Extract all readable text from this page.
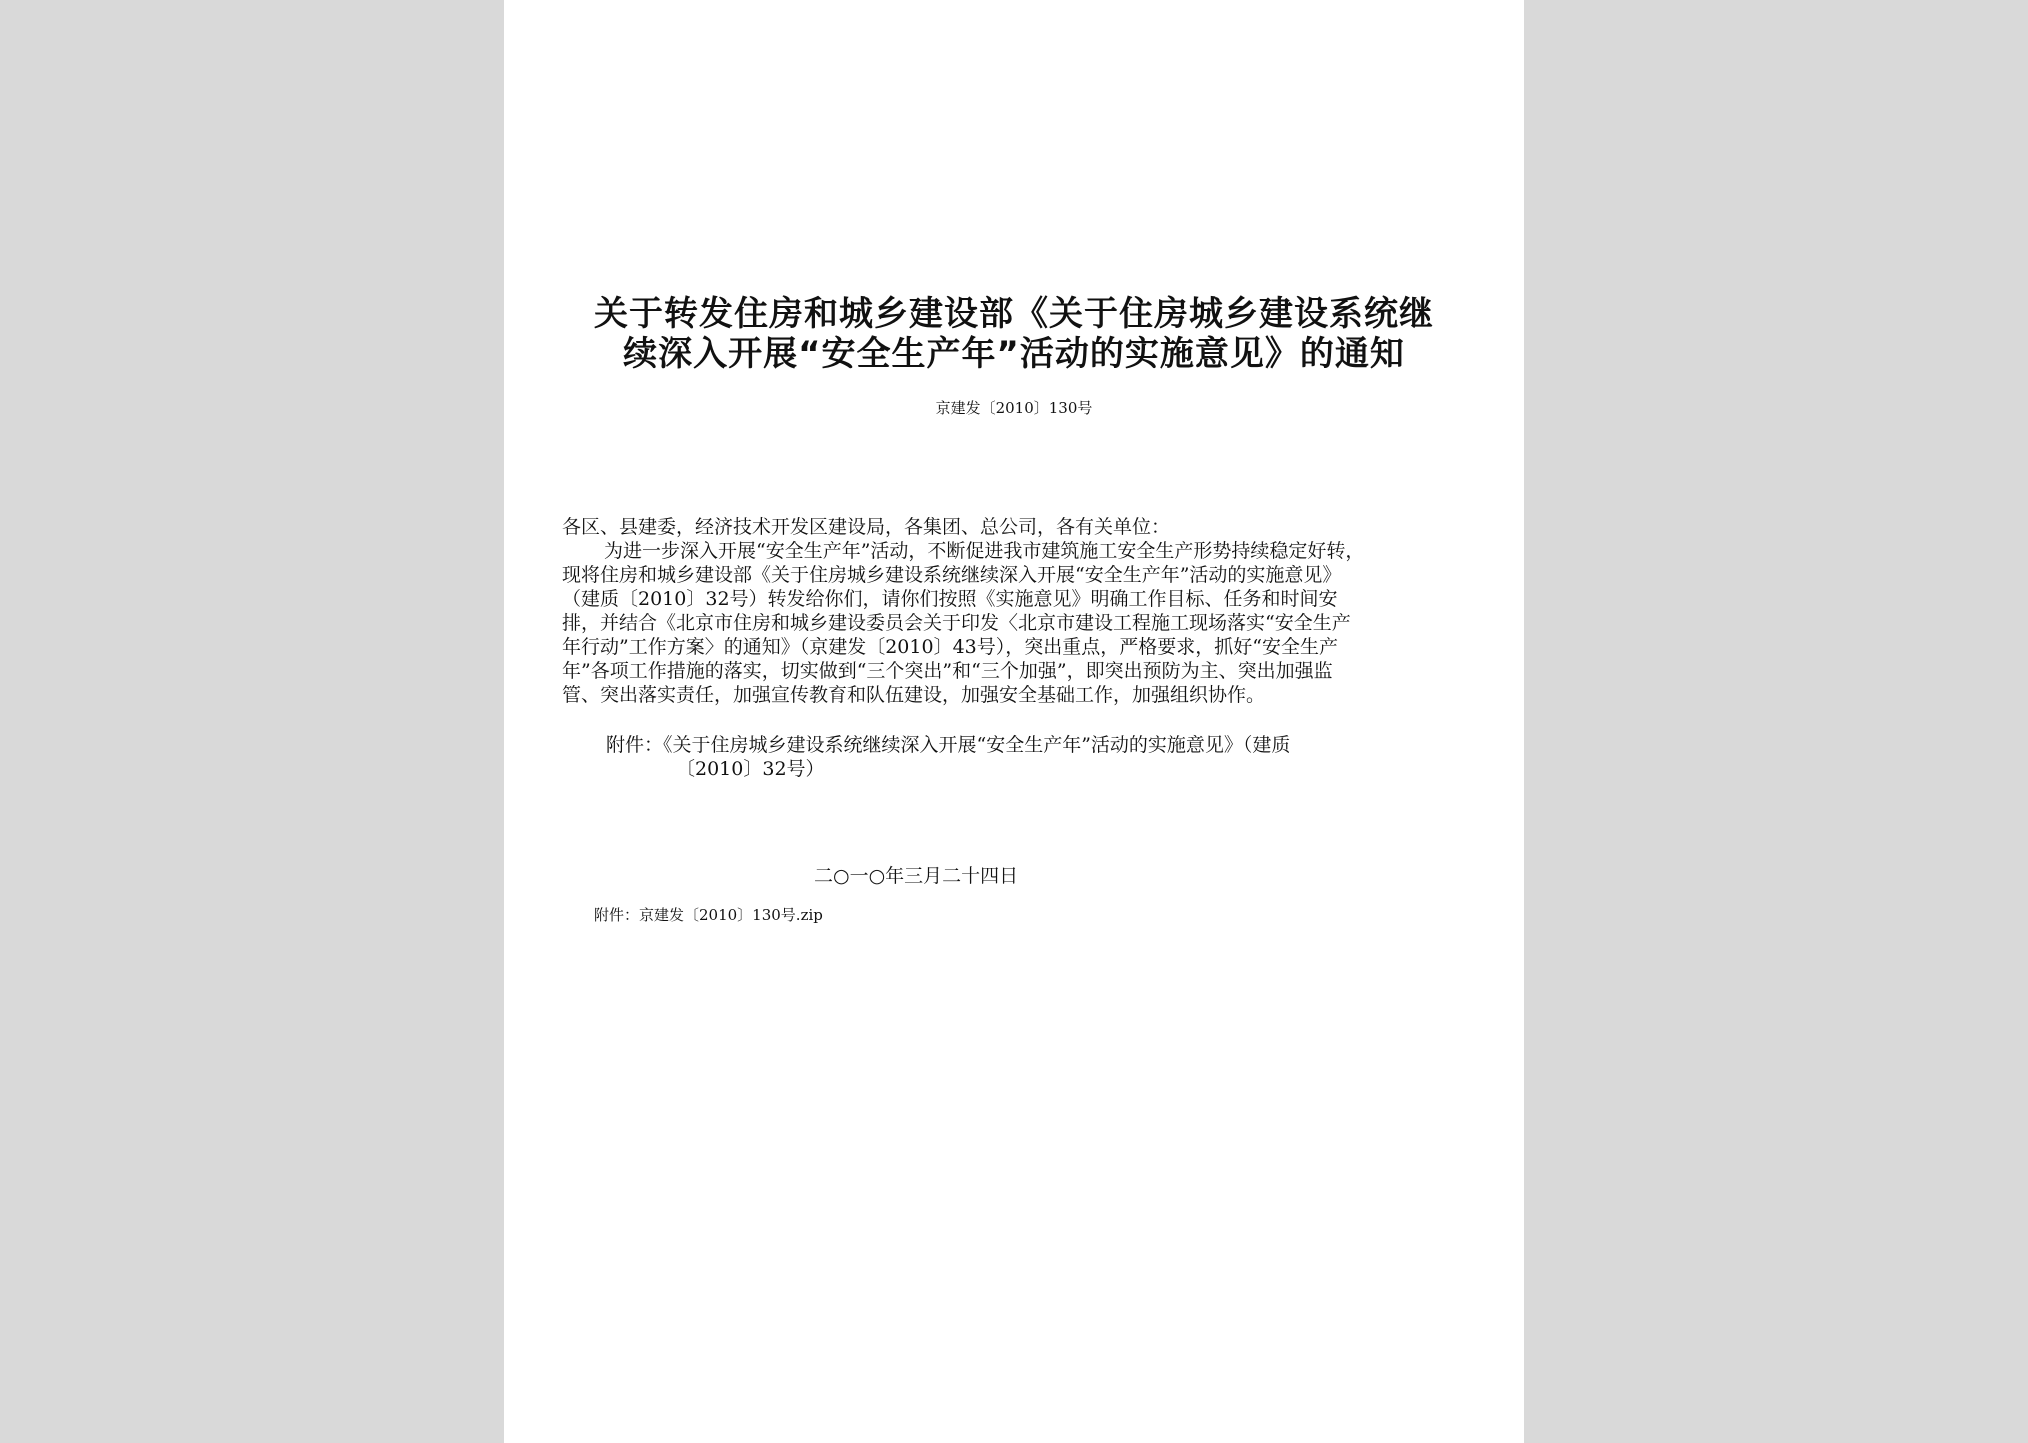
关于转发住房和城乡建设部《关于住房城乡建设系统继
续深入开展“安全生产年”活动的实施意见》的通知
京建发〔2010〕130号

各区、县建委，经济技术开发区建设局，各集团、总公司，各有关单位：

为进一步深入开展“安全生产年”活动，不断促进我市建筑施工安全生产形势持续稳定好转，

现将住房和城乡建设部《关于住房城乡建设系统继续深入开展“安全生产年”活动的实施意见》

（建质〔2010〕32号）转发给你们，请你们按照《实施意见》明确工作目标、任务和时间安

排，并结合《北京市住房和城乡建设委员会关于印发〈北京市建设工程施工现场落实“安全生产

年行动”工作方案〉的通知》（京建发〔2010〕43号），突出重点，严格要求，抓好“安全生产

年”各项工作措施的落实，切实做到“三个突出”和“三个加强”，即突出预防为主、突出加强监

管、突出落实责任，加强宣传教育和队伍建设，加强安全基础工作，加强组织协作。

附件：《关于住房城乡建设系统继续深入开展“安全生产年”活动的实施意见》（建质

〔2010〕32号）

二○一○年三月二十四日
附件：京建发〔2010〕130号.zip
